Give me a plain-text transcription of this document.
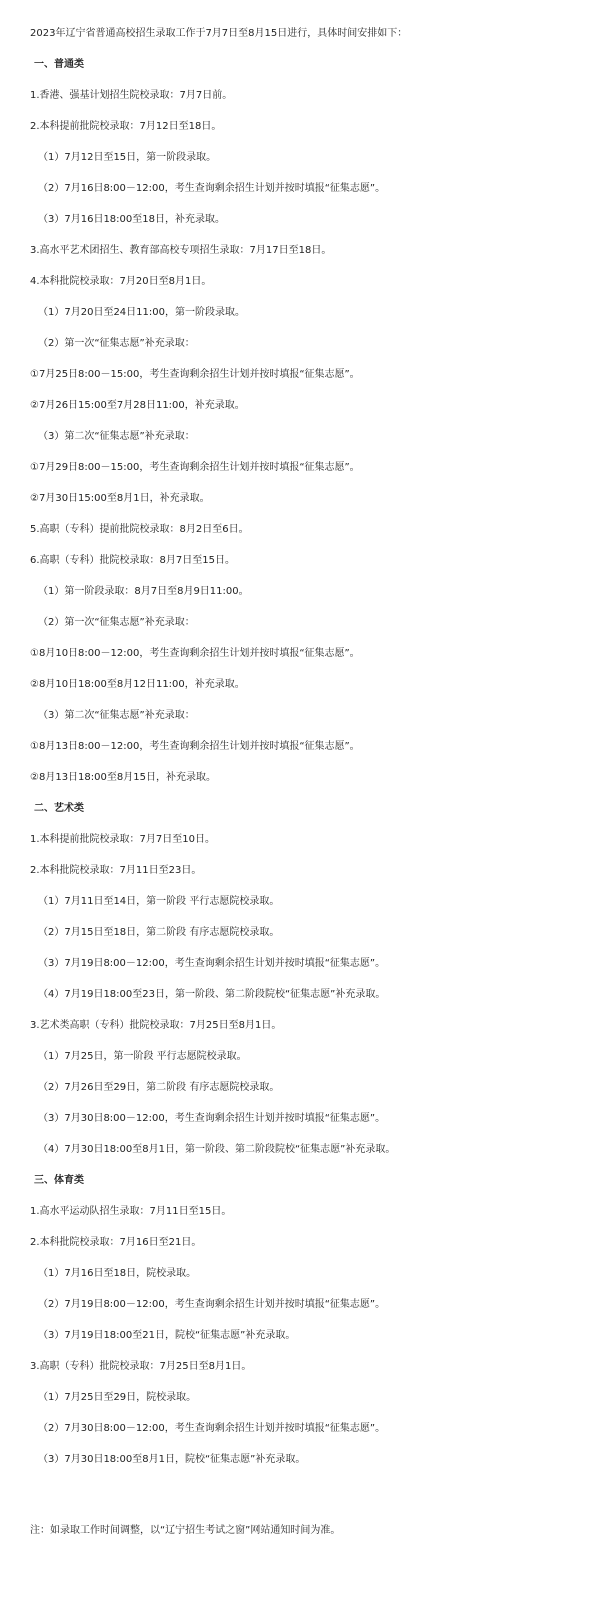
2023年辽宁省普通高校招生录取工作于7月7日至8月15日进行，具体时间安排如下：
一、普通类
1.香港、强基计划招生院校录取：7月7日前。
2.本科提前批院校录取：7月12日至18日。
（1）7月12日至15日，第一阶段录取。
（2）7月16日8:00－12:00，考生查询剩余招生计划并按时填报“征集志愿”。
（3）7月16日18:00至18日，补充录取。
3.高水平艺术团招生、教育部高校专项招生录取：7月17日至18日。
4.本科批院校录取：7月20日至8月1日。
（1）7月20日至24日11:00，第一阶段录取。
（2）第一次“征集志愿”补充录取：
①7月25日8:00－15:00，考生查询剩余招生计划并按时填报“征集志愿”。
②7月26日15:00至7月28日11:00，补充录取。
（3）第二次“征集志愿”补充录取：
①7月29日8:00－15:00，考生查询剩余招生计划并按时填报“征集志愿”。
②7月30日15:00至8月1日，补充录取。
5.高职（专科）提前批院校录取：8月2日至6日。
6.高职（专科）批院校录取：8月7日至15日。
（1）第一阶段录取：8月7日至8月9日11:00。
（2）第一次“征集志愿”补充录取：
①8月10日8:00－12:00，考生查询剩余招生计划并按时填报“征集志愿”。
②8月10日18:00至8月12日11:00，补充录取。
（3）第二次“征集志愿”补充录取：
①8月13日8:00－12:00，考生查询剩余招生计划并按时填报“征集志愿”。
②8月13日18:00至8月15日，补充录取。
二、艺术类
1.本科提前批院校录取：7月7日至10日。
2.本科批院校录取：7月11日至23日。
（1）7月11日至14日，第一阶段 平行志愿院校录取。
（2）7月15日至18日，第二阶段 有序志愿院校录取。
（3）7月19日8:00－12:00，考生查询剩余招生计划并按时填报“征集志愿”。
（4）7月19日18:00至23日，第一阶段、第二阶段院校“征集志愿”补充录取。
3.艺术类高职（专科）批院校录取：7月25日至8月1日。
（1）7月25日，第一阶段 平行志愿院校录取。
（2）7月26日至29日，第二阶段 有序志愿院校录取。
（3）7月30日8:00－12:00，考生查询剩余招生计划并按时填报“征集志愿”。
（4）7月30日18:00至8月1日，第一阶段、第二阶段院校“征集志愿”补充录取。
三、体育类
1.高水平运动队招生录取：7月11日至15日。
2.本科批院校录取：7月16日至21日。
（1）7月16日至18日，院校录取。
（2）7月19日8:00－12:00，考生查询剩余招生计划并按时填报“征集志愿”。
（3）7月19日18:00至21日，院校“征集志愿”补充录取。
3.高职（专科）批院校录取：7月25日至8月1日。
（1）7月25日至29日，院校录取。
（2）7月30日8:00－12:00，考生查询剩余招生计划并按时填报“征集志愿”。
（3）7月30日18:00至8月1日，院校“征集志愿”补充录取。
注：如录取工作时间调整，以“辽宁招生考试之窗”网站通知时间为准。
